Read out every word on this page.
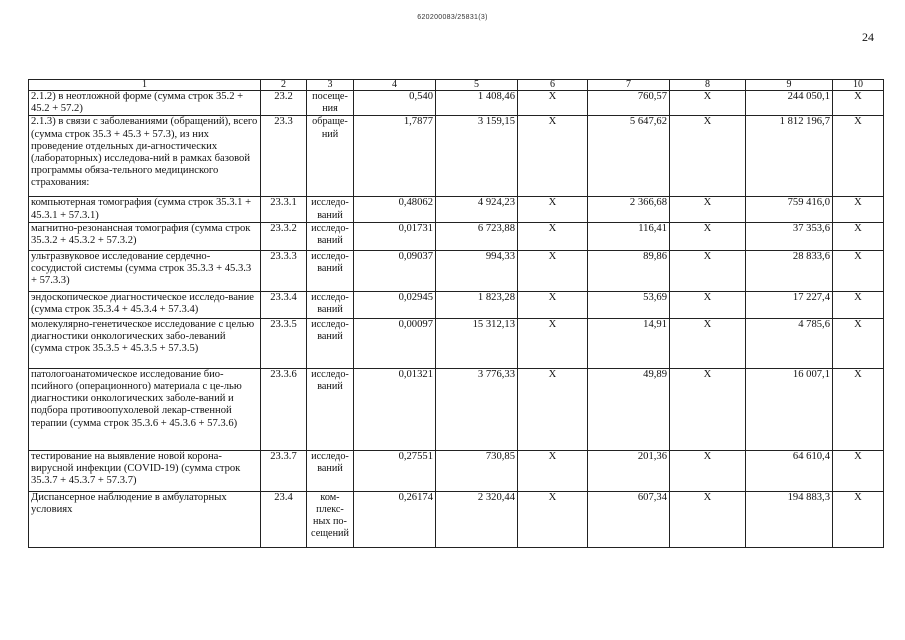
620200083/25831(3)
24
1	2	3	4	5	6	7	8	9	10
2.1.2) в неотложной форме (сумма строк 35.2 + 45.2 + 57.2)	23.2	посеще-ния	0,540	1 408,46	X	760,57	X	244 050,1	X
2.1.3) в связи с заболеваниями (обращений), всего (сумма строк 35.3 + 45.3 + 57.3), из них проведение отдельных ди-агностических (лабораторных) исследова-ний в рамках базовой программы обяза-тельного медицинского страхования:	23.3	обраще-ний	1,7877	3 159,15	X	5 647,62	X	1 812 196,7	X
компьютерная томография (сумма строк 35.3.1 + 45.3.1 + 57.3.1)	23.3.1	исследо-ваний	0,48062	4 924,23	X	2 366,68	X	759 416,0	X
магнитно-резонансная томография (сумма строк 35.3.2 + 45.3.2 + 57.3.2)	23.3.2	исследо-ваний	0,01731	6 723,88	X	116,41	X	37 353,6	X
ультразвуковое исследование сердечно-сосудистой системы (сумма строк 35.3.3 + 45.3.3 + 57.3.3)	23.3.3	исследо-ваний	0,09037	994,33	X	89,86	X	28 833,6	X
эндоскопическое диагностическое исследо-вание (сумма строк 35.3.4 + 45.3.4 + 57.3.4)	23.3.4	исследо-ваний	0,02945	1 823,28	X	53,69	X	17 227,4	X
молекулярно-генетическое исследование с целью диагностики онкологических забо-леваний (сумма строк 35.3.5 + 45.3.5 + 57.3.5)	23.3.5	исследо-ваний	0,00097	15 312,13	X	14,91	X	4 785,6	X
патологоанатомическое исследование био-псийного (операционного) материала с це-лью диагностики онкологических заболе-ваний и подбора противоопухолевой лекар-ственной терапии (сумма строк 35.3.6 + 45.3.6 + 57.3.6)	23.3.6	исследо-ваний	0,01321	3 776,33	X	49,89	X	16 007,1	X
тестирование на выявление новой корона-вирусной инфекции (COVID-19) (сумма строк 35.3.7 + 45.3.7 + 57.3.7)	23.3.7	исследо-ваний	0,27551	730,85	X	201,36	X	64 610,4	X
Диспансерное наблюдение в амбулаторных условиях	23.4	ком-плекс-ных по-сещений	0,26174	2 320,44	X	607,34	X	194 883,3	X
